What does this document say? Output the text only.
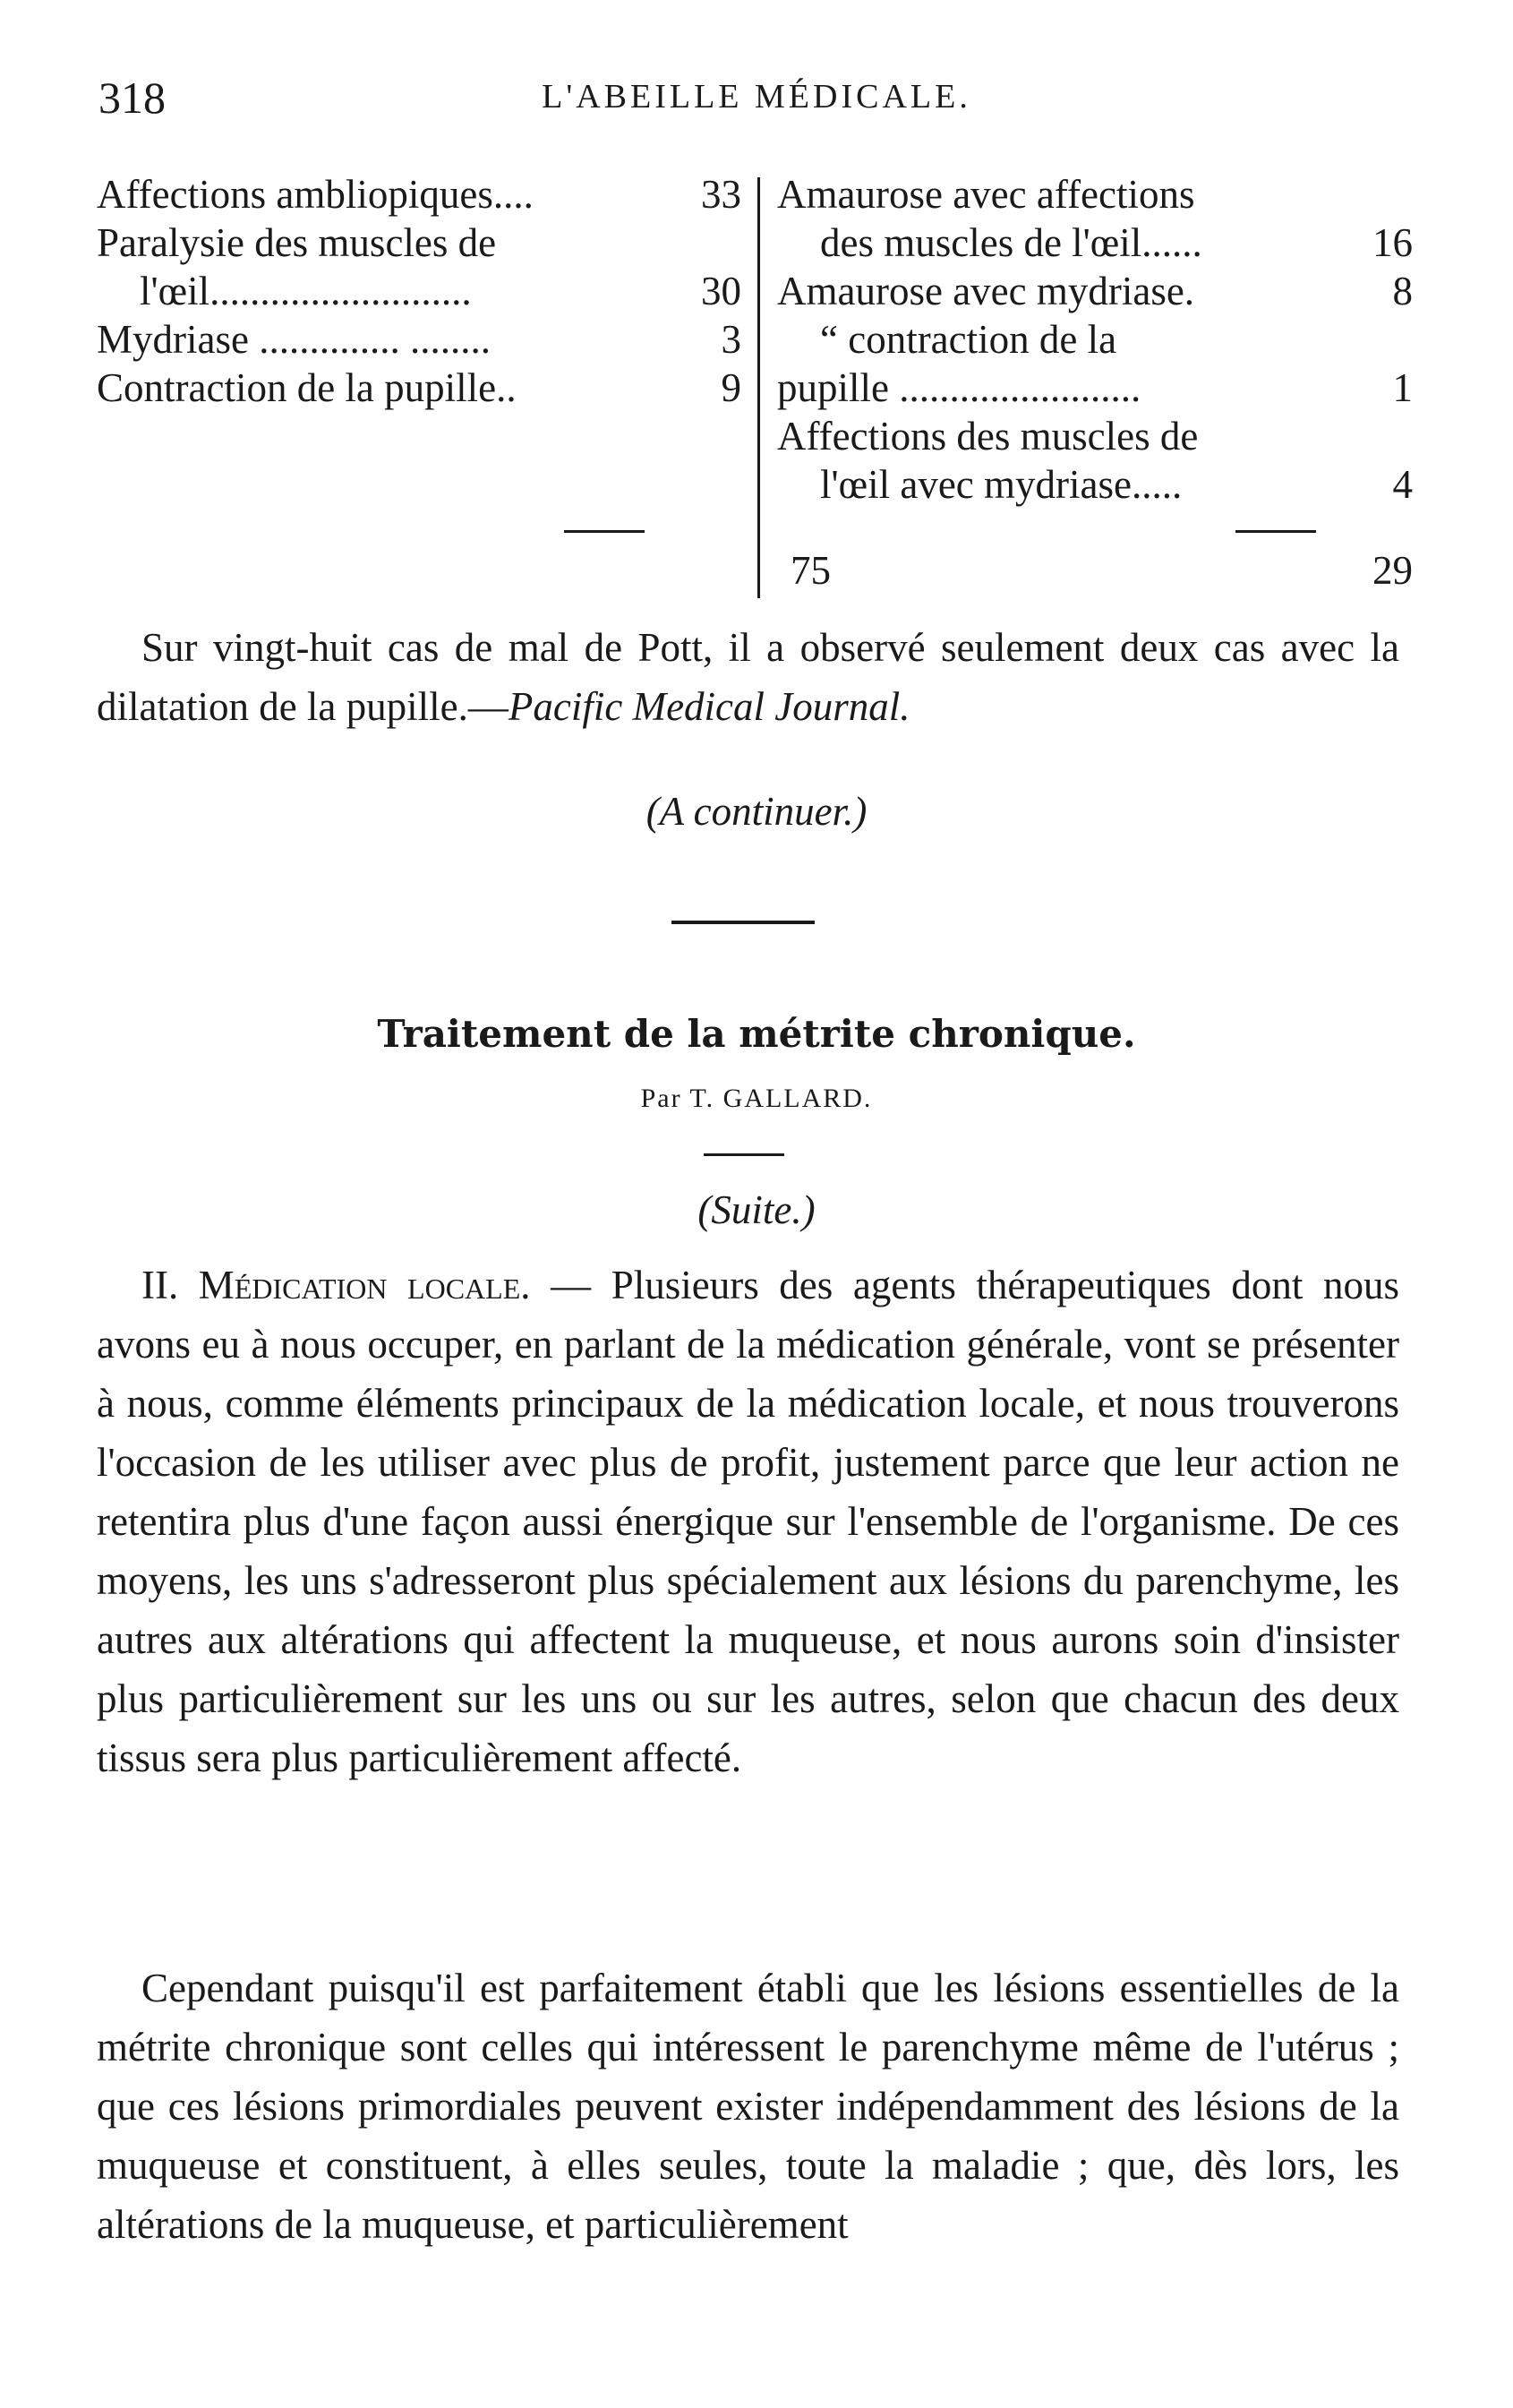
318	L'ABEILLE MÉDICALE.
Affections ambliopiques....	33
Paralysie des muscles de
l'œil..........................	30
Mydriase .............. ........	3
Contraction de la pupille..	9
Amaurose avec affections
des muscles de l'œil......	16
Amaurose avec mydriase.	8
“ contraction de la
pupille ........................	1
Affections des muscles de
l'œil avec mydriase.....	4
75	29
Sur vingt-huit cas de mal de Pott, il a observé seulement deux cas avec la dilatation de la pupille.—Pacific Medical Journal.
(A continuer.)
Traitement de la métrite chronique.
Par T. GALLARD.
(Suite.)
II. Médication locale. — Plusieurs des agents thérapeutiques dont nous avons eu à nous occuper, en parlant de la médication générale, vont se présenter à nous, comme éléments principaux de la médication locale, et nous trouverons l'occasion de les utiliser avec plus de profit, justement parce que leur action ne retentira plus d'une façon aussi énergique sur l'ensemble de l'organisme. De ces moyens, les uns s'adresseront plus spécialement aux lésions du parenchyme, les autres aux altérations qui affectent la muqueuse, et nous aurons soin d'insister plus particulièrement sur les uns ou sur les autres, selon que chacun des deux tissus sera plus particulièrement affecté.
Cependant puisqu'il est parfaitement établi que les lésions essentielles de la métrite chronique sont celles qui intéressent le parenchyme même de l'utérus ; que ces lésions primordiales peuvent exister indépendamment des lésions de la muqueuse et constituent, à elles seules, toute la maladie ; que, dès lors, les altérations de la muqueuse, et particulièrement
